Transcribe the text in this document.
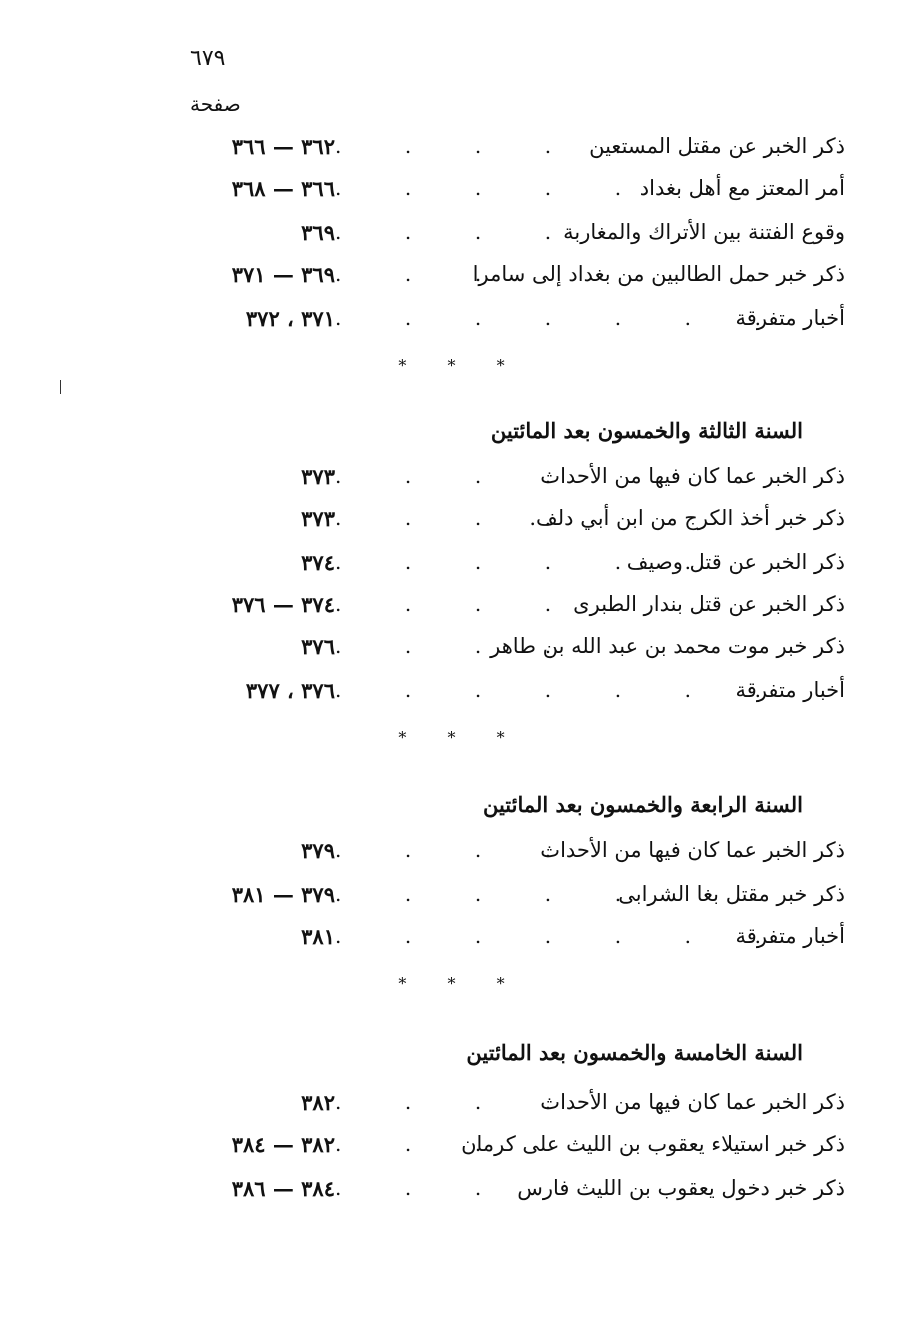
٦٧٩
صفحة
ذكر الخبر عن مقتل المستعين
.          .          .          .          .
٣٦٢ — ٣٦٦
أمر المعتز مع أهل بغداد
.          .          .          .          .
٣٦٦ — ٣٦٨
وقوع الفتنة بين الأتراك والمغاربة
.          .          .          .
٣٦٩
ذكر خبر حمل الطالبين من بغداد إلى سامرا
.          .          .
٣٦٩ — ٣٧١
أخبار متفرقة
.          .          .          .          .          .          .
٣٧١ ، ٣٧٢
* * *
السنة الثالثة والخمسون بعد المائتين
ذكر الخبر عما كان فيها من الأحداث
.          .          .          .
٣٧٣
ذكر خبر أخذ الكرج من ابن أبي دلف.
.          .          .          .
٣٧٣
ذكر الخبر عن قتل وصيف
.          .          .          .          .          .
٣٧٤
ذكر الخبر عن قتل بندار الطبرى
.          .          .          .          .
٣٧٤ — ٣٧٦
ذكر خبر موت محمد بن عبد الله بن طاهر
.          .          .          .
٣٧٦
أخبار متفرقة
.          .          .          .          .          .          .
٣٧٦ ، ٣٧٧
* * *
السنة الرابعة والخمسون بعد المائتين
ذكر الخبر عما كان فيها من الأحداث
.          .          .          .
٣٧٩
ذكر خبر مقتل بغا الشرابى
.          .          .          .          .
٣٧٩ — ٣٨١
أخبار متفرقة
.          .          .          .          .          .          .
٣٨١
* * *
السنة الخامسة والخمسون بعد المائتين
ذكر الخبر عما كان فيها من الأحداث
.          .          .          .
٣٨٢
ذكر خبر استيلاء يعقوب بن الليث على كرمان
.          .          .
٣٨٢ — ٣٨٤
ذكر خبر دخول يعقوب بن الليث فارس
.          .          .
٣٨٤ — ٣٨٦
